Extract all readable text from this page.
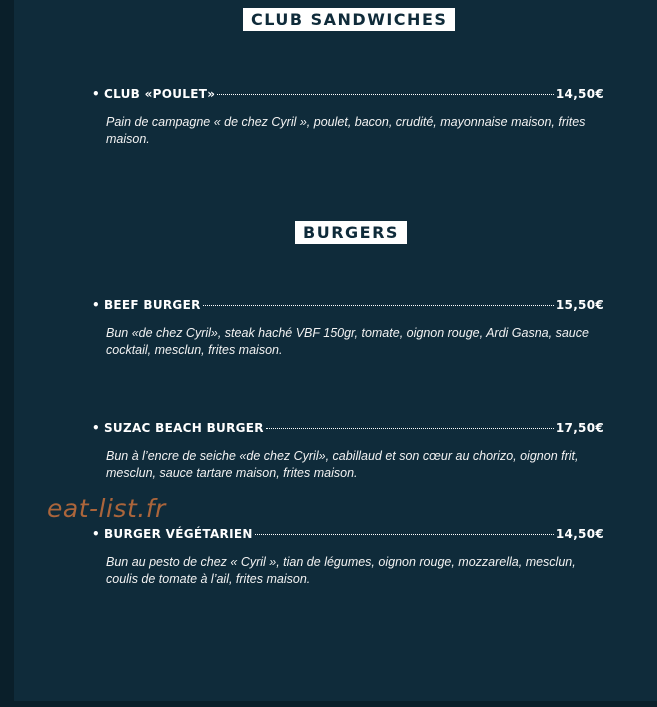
CLUB SANDWICHES
• CLUB «POULET»	14,50€
Pain de campagne « de chez Cyril », poulet, bacon, crudité, mayonnaise maison, frites maison.
BURGERS
• BEEF BURGER	15,50€
Bun «de chez Cyril», steak haché VBF 150gr, tomate, oignon rouge, Ardi Gasna, sauce cocktail, mesclun, frites maison.
• SUZAC BEACH BURGER	17,50€
Bun à l’encre de seiche «de chez Cyril», cabillaud et son cœur au chorizo, oignon frit, mesclun, sauce tartare maison, frites maison.
• BURGER VÉGÉTARIEN	14,50€
Bun au pesto de chez « Cyril », tian de légumes, oignon rouge, mozzarella, mesclun, coulis de tomate à l’ail, frites maison.
eat-list.fr
